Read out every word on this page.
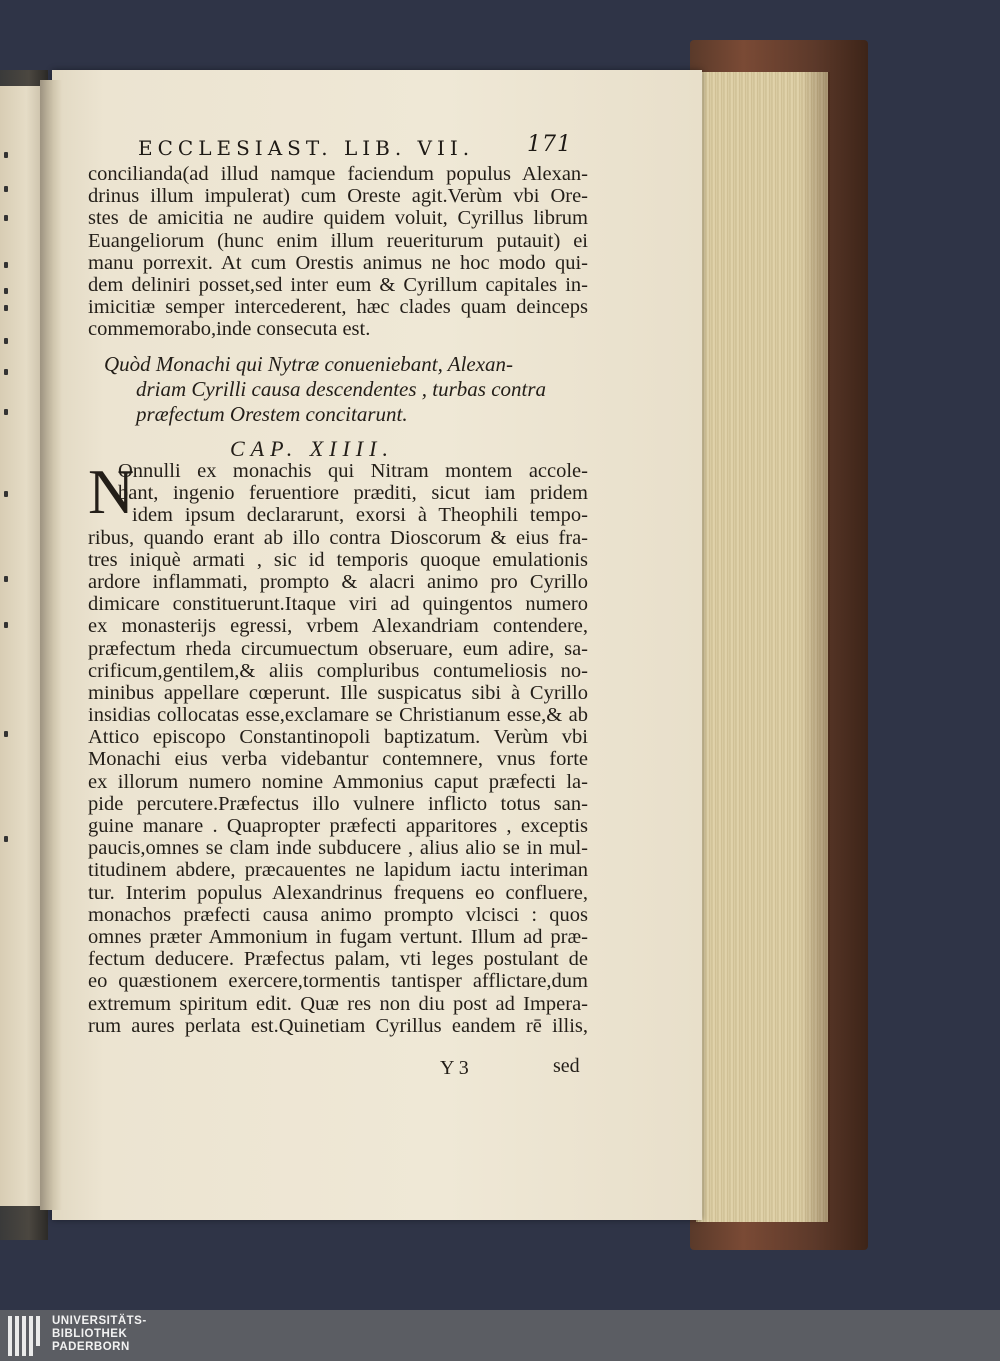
ECCLESIAST. LIB. VII. 171
concilianda(ad illud namque faciendum populus Alexan-
drinus illum impulerat) cum Oreste agit.Verùm vbi Ore-
stes de amicitia ne audire quidem voluit, Cyrillus librum
Euangeliorum (hunc enim illum reueriturum putauit) ei
manu porrexit. At cum Orestis animus ne hoc modo qui-
dem deliniri posset,sed inter eum & Cyrillum capitales in-
imicitiæ semper intercederent, hæc clades quam deinceps
commemorabo,inde consecuta est.
Quòd Monachi qui Nytræ conueniebant, Alexan-
driam Cyrilli causa descendentes , turbas contra
præfectum Orestem concitarunt.
CAP. XIIII.
N
Onnulli ex monachis qui Nitram montem accole-
bant, ingenio feruentiore præditi, sicut iam pridem
idem ipsum declararunt, exorsi à Theophili tempo-
ribus, quando erant ab illo contra Dioscorum & eius fra-
tres iniquè armati , sic id temporis quoque emulationis
ardore inflammati, prompto & alacri animo pro Cyrillo
dimicare constituerunt.Itaque viri ad quingentos numero
ex monasterijs egressi, vrbem Alexandriam contendere,
præfectum rheda circumuectum obseruare, eum adire, sa-
crificum,gentilem,& aliis compluribus contumeliosis no-
minibus appellare cœperunt. Ille suspicatus sibi à Cyrillo
insidias collocatas esse,exclamare se Christianum esse,& ab
Attico episcopo Constantinopoli baptizatum. Verùm vbi
Monachi eius verba videbantur contemnere, vnus forte
ex illorum numero nomine Ammonius caput præfecti la-
pide percutere.Præfectus illo vulnere inflicto totus san-
guine manare . Quapropter præfecti apparitores , exceptis
paucis,omnes se clam inde subducere , alius alio se in mul-
titudinem abdere, præcauentes ne lapidum iactu interiman
tur. Interim populus Alexandrinus frequens eo confluere,
monachos præfecti causa animo prompto vlcisci : quos
omnes præter Ammonium in fugam vertunt. Illum ad præ-
fectum deducere. Præfectus palam, vti leges postulant de
eo quæstionem exercere,tormentis tantisper afflictare,dum
extremum spiritum edit. Quæ res non diu post ad Impera-
rum aures perlata est.Quinetiam Cyrillus eandem rē illis,
Y 3	sed
UNIVERSITÄTS-
BIBLIOTHEK
PADERBORN
